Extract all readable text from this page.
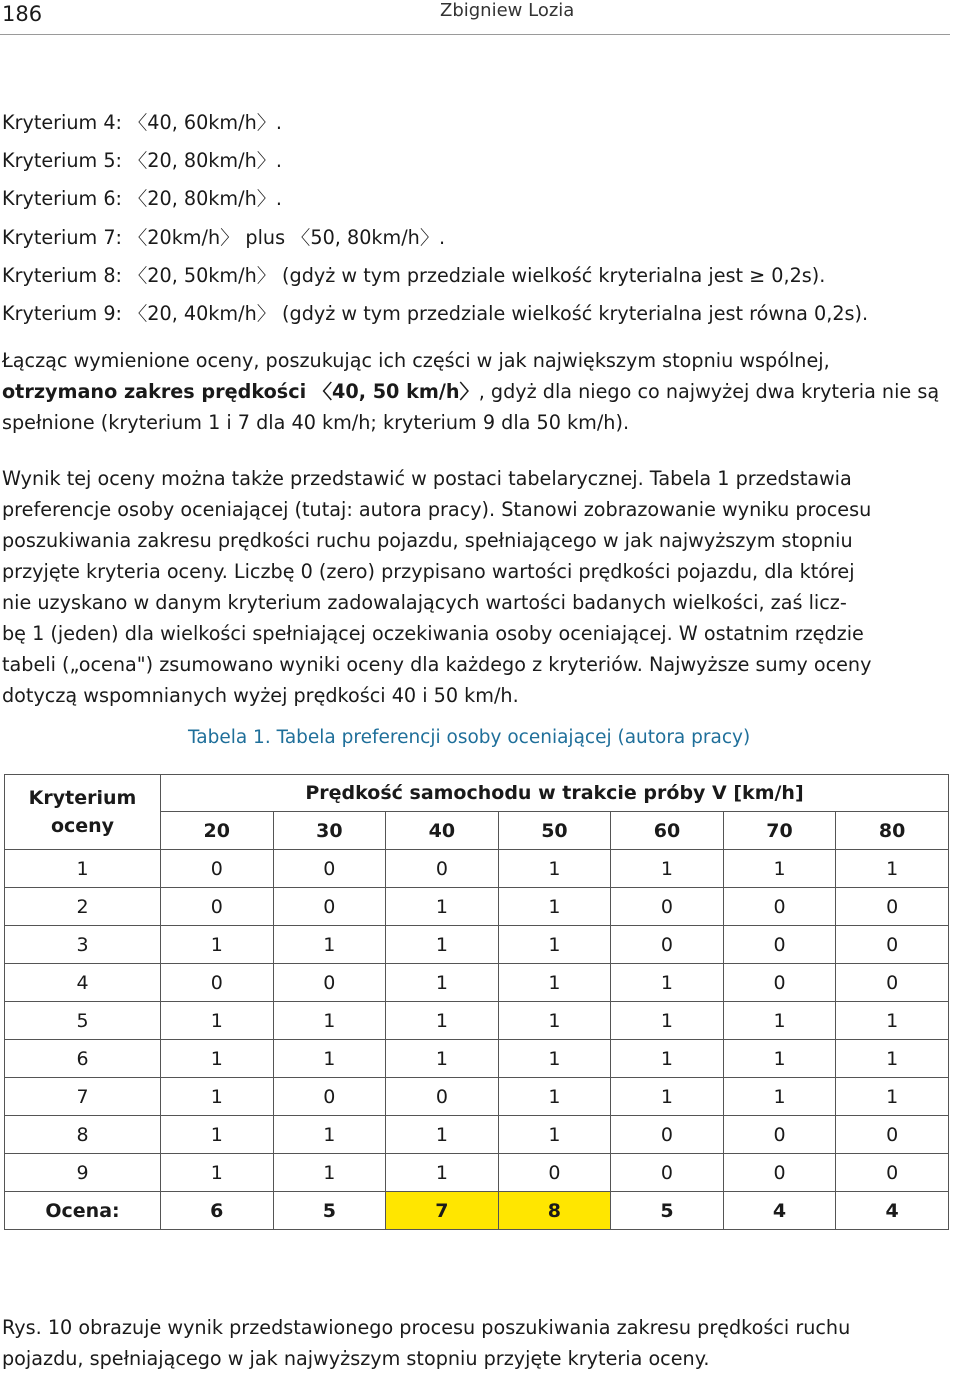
186	Zbigniew Lozia
Kryterium 4: 〈40, 60km/h〉.
Kryterium 5: 〈20, 80km/h〉.
Kryterium 6: 〈20, 80km/h〉.
Kryterium 7: 〈20km/h〉 plus 〈50, 80km/h〉.
Kryterium 8: 〈20, 50km/h〉 (gdyż w tym przedziale wielkość kryterialna jest ≥ 0,2s).
Kryterium 9: 〈20, 40km/h〉 (gdyż w tym przedziale wielkość kryterialna jest równa 0,2s).
Łącząc wymienione oceny, poszukując ich części w jak największym stopniu wspólnej,
otrzymano zakres prędkości 〈40, 50 km/h〉, gdyż dla niego co najwyżej dwa kryteria nie są
spełnione (kryterium 1 i 7 dla 40 km/h; kryterium 9 dla 50 km/h).
Wynik tej oceny można także przedstawić w postaci tabelarycznej. Tabela 1 przedstawia
preferencje osoby oceniającej (tutaj: autora pracy). Stanowi zobrazowanie wyniku procesu
poszukiwania zakresu prędkości ruchu pojazdu, spełniającego w jak najwyższym stopniu
przyjęte kryteria oceny. Liczbę 0 (zero) przypisano wartości prędkości pojazdu, dla której
nie uzyskano w danym kryterium zadowalających wartości badanych wielkości, zaś licz-
bę 1 (jeden) dla wielkości spełniającej oczekiwania osoby oceniającej. W ostatnim rzędzie
tabeli („ocena") zsumowano wyniki oceny dla każdego z kryteriów. Najwyższe sumy oceny
dotyczą wspomnianych wyżej prędkości 40 i 50 km/h.
Tabela 1. Tabela preferencji osoby oceniającej (autora pracy)
Kryterium
oceny	Prędkość samochodu w trakcie próby V [km/h]						
	20	30	40	50	60	70	80
1	0	0	0	1	1	1	1
2	0	0	1	1	0	0	0
3	1	1	1	1	0	0	0
4	0	0	1	1	1	0	0
5	1	1	1	1	1	1	1
6	1	1	1	1	1	1	1
7	1	0	0	1	1	1	1
8	1	1	1	1	0	0	0
9	1	1	1	0	0	0	0
Ocena:	6	5	7	8	5	4	4
Rys. 10 obrazuje wynik przedstawionego procesu poszukiwania zakresu prędkości ruchu
pojazdu, spełniającego w jak najwyższym stopniu przyjęte kryteria oceny.
